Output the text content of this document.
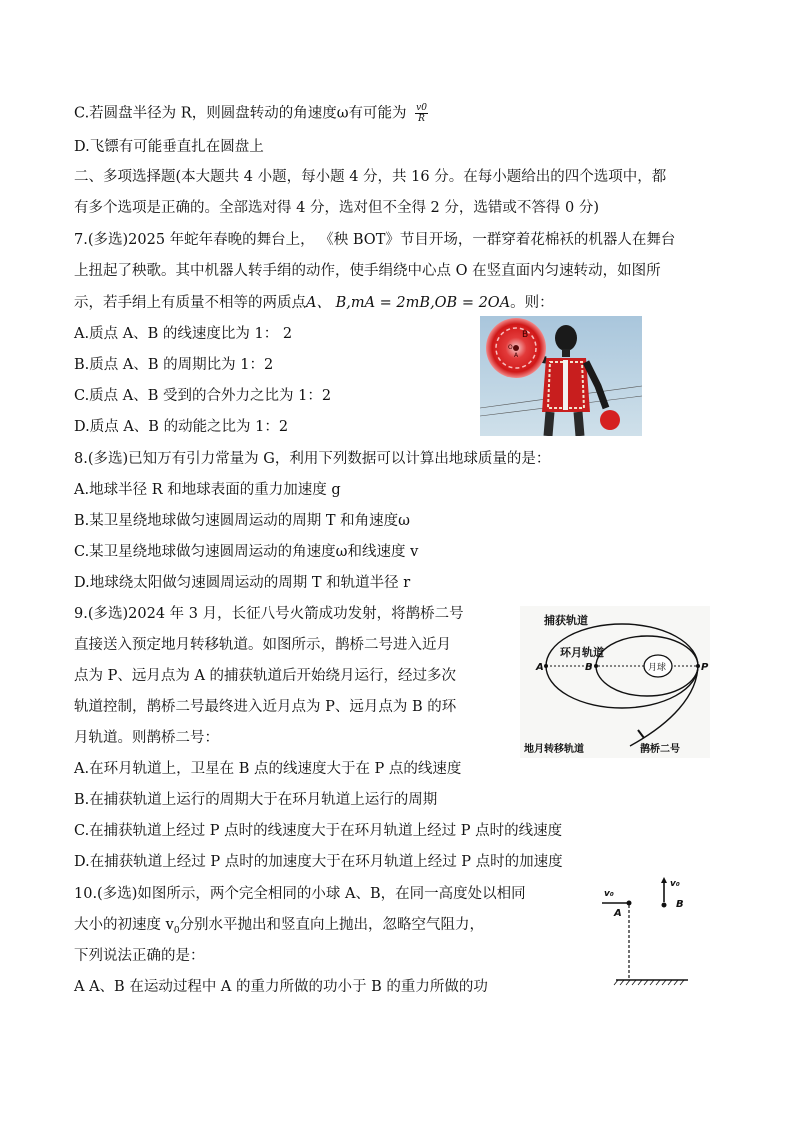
C.若圆盘半径为 R，则圆盘转动的角速度ω有可能为 $\frac{v0}{R}$
D.飞镖有可能垂直扎在圆盘上
二、多项选择题(本大题共 4 小题，每小题 4 分，共 16 分。在每小题给出的四个选项中，都
有多个选项是正确的。全部选对得 4 分，选对但不全得 2 分，选错或不答得 0 分)
7.(多选)2025 年蛇年春晚的舞台上， 《秧 BOT》节目开场，一群穿着花棉袄的机器人在舞台
上扭起了秧歌。其中机器人转手绢的动作，使手绢绕中心点 O 在竖直面内匀速转动，如图所
示，若手绢上有质量不相等的两质点A、 B,mA = 2mB,OB = 2OA。则：
A.质点 A、B 的线速度比为 1： 2
B.质点 A、B 的周期比为 1：2
C.质点 A、B 受到的合外力之比为 1：2
D.质点 A、B 的动能之比为 1：2
B
O
A
8.(多选)已知万有引力常量为 G，利用下列数据可以计算出地球质量的是：
A.地球半径 R 和地球表面的重力加速度 g
B.某卫星绕地球做匀速圆周运动的周期 T 和角速度ω
C.某卫星绕地球做匀速圆周运动的角速度ω和线速度 v
D.地球绕太阳做匀速圆周运动的周期 T 和轨道半径 r
9.(多选)2024 年 3 月，长征八号火箭成功发射，将鹊桥二号
直接送入预定地月转移轨道。如图所示，鹊桥二号进入近月
点为 P、远月点为 A 的捕获轨道后开始绕月运行，经过多次
轨道控制，鹊桥二号最终进入近月点为 P、远月点为 B 的环
月轨道。则鹊桥二号：
A.在环月轨道上，卫星在 B 点的线速度大于在 P 点的线速度
B.在捕获轨道上运行的周期大于在环月轨道上运行的周期
C.在捕获轨道上经过 P 点时的线速度大于在环月轨道上经过 P 点时的线速度
D.在捕获轨道上经过 P 点时的加速度大于在环月轨道上经过 P 点时的加速度
月球
A	B	P
捕获轨道
环月轨道
地月转移轨道	鹊桥二号
10.(多选)如图所示，两个完全相同的小球 A、B，在同一高度处以相同
大小的初速度 $v_0$分别水平抛出和竖直向上抛出，忽略空气阻力，
下列说法正确的是：
A A、B 在运动过程中 A 的重力所做的功小于 B 的重力所做的功
v₀
A
v₀
B
